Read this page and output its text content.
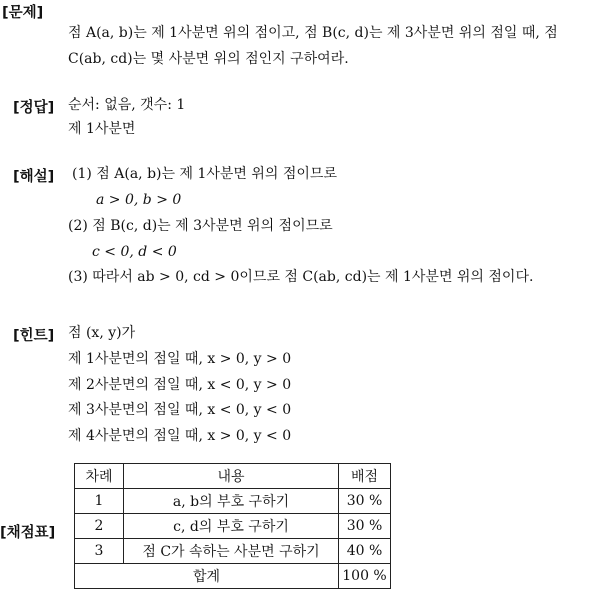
[문제]
점 A(a, b)는 제 1사분면 위의 점이고, 점 B(c, d)는 제 3사분면 위의 점일 때, 점
C(ab, cd)는 몇 사분면 위의 점인지 구하여라.
[정답] 순서: 없음, 갯수: 1
제 1사분면
[해설] (1) 점 A(a, b)는 제 1사분면 위의 점이므로
a > 0, b > 0
(2) 점 B(c, d)는 제 3사분면 위의 점이므로
c < 0, d < 0
(3) 따라서 ab > 0, cd > 0이므로 점 C(ab, cd)는 제 1사분면 위의 점이다.
[힌트] 점 (x, y)가
제 1사분면의 점일 때, x > 0, y > 0
제 2사분면의 점일 때, x < 0, y > 0
제 3사분면의 점일 때, x < 0, y < 0
제 4사분면의 점일 때, x > 0, y < 0
[채점표]
차례	내용	배점
1	a, b의 부호 구하기	30 %
2	c, d의 부호 구하기	30 %
3	점 C가 속하는 사분면 구하기	40 %
합계		100 %
